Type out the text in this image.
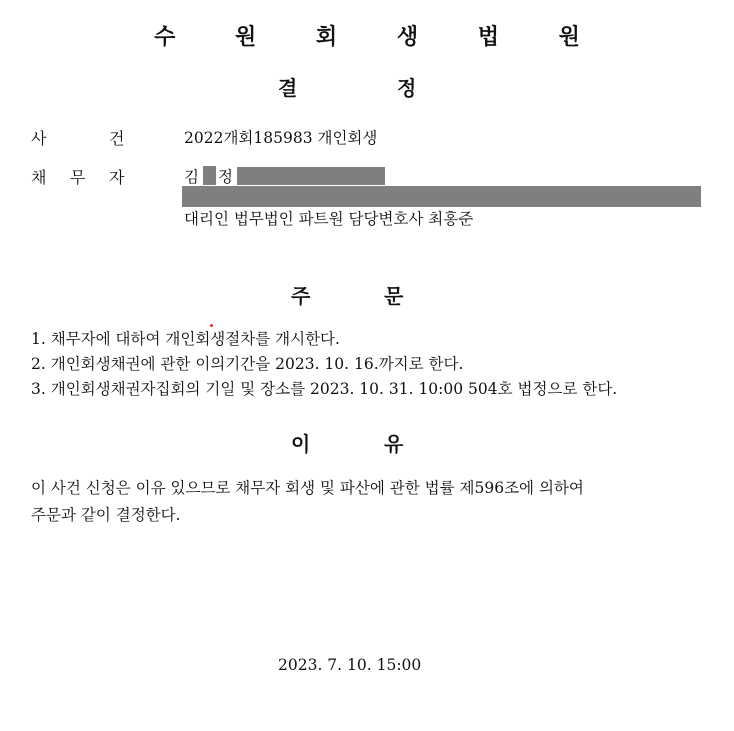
수 원 회 생 법 원
결	정
사	건	2022개회185983 개인회생
채 무 자	김 정
대리인 법무법인 파트원 담당변호사 최홍준
주	문
1. 채무자에 대하여 개인회생절차를 개시한다.
2. 개인회생채권에 관한 이의기간을 2023. 10. 16.까지로 한다.
3. 개인회생채권자집회의 기일 및 장소를 2023. 10. 31. 10:00 504호 법정으로 한다.
이	유
이 사건 신청은 이유 있으므로 채무자 회생 및 파산에 관한 법률 제596조에 의하여
주문과 같이 결정한다.
2023. 7. 10. 15:00
